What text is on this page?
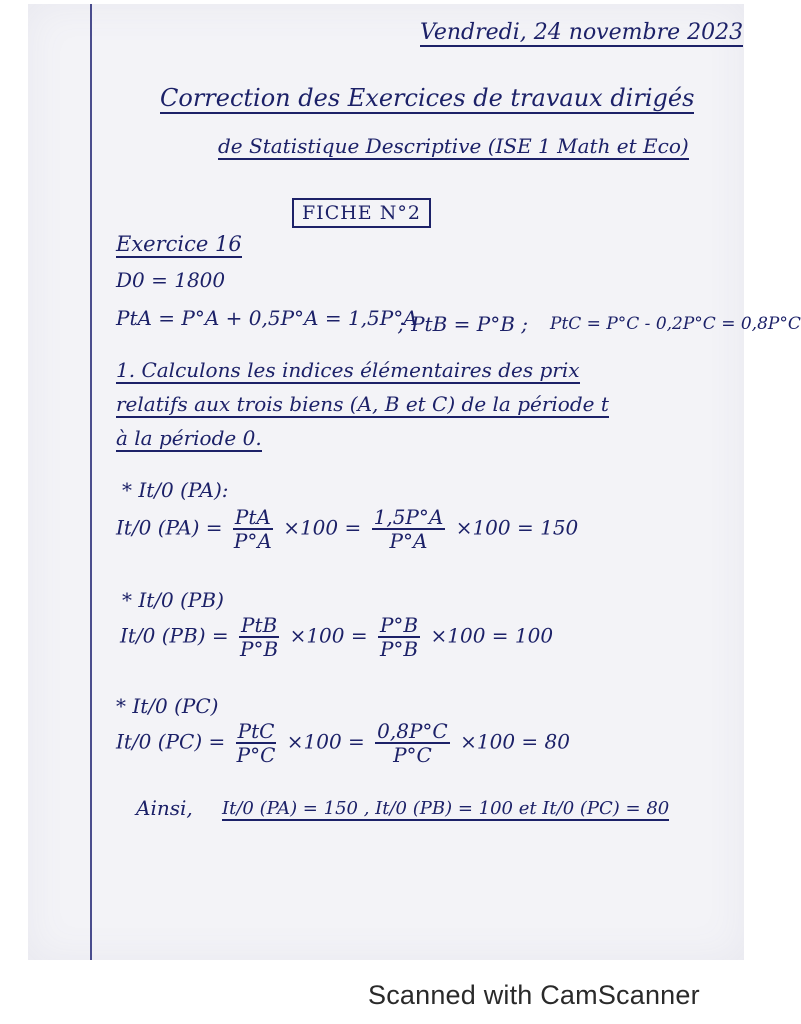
Vendredi, 24 novembre 2023
Correction des Exercices de travaux dirigés
de Statistique Descriptive (ISE 1 Math et Eco)
FICHE N°2
Exercice 16
D0 = 1800
PtA = P°A + 0,5P°A = 1,5P°A
; PtB = P°B ; PtC = P°C - 0,2P°C = 0,8P°C
1. Calculons les indices élémentaires des prix
relatifs aux trois biens (A, B et C) de la période t
à la période 0.
* It/0 (PA):
It/0 $(PA) = \frac{\text{PtA}}{P^\circ A} \times 100 = \frac{1,5P^\circ A}{P^\circ A} \times 100 = 150$
* It/0 (PB)
It/0 $(PB) = \frac{\text{PtB}}{P^\circ B} \times 100 = \frac{P^\circ B}{P^\circ B} \times 100 = 100$
* It/0 (PC)
It/0 $(PC) = \frac{\text{PtC}}{P^\circ C} \times 100 = \frac{0,8P^\circ C}{P^\circ C} \times 100 = 80$
Ainsi, It/0 (PA) = 150 , It/0 (PB) = 100 et It/0 (PC) = 80
Scanned with CamScanner
